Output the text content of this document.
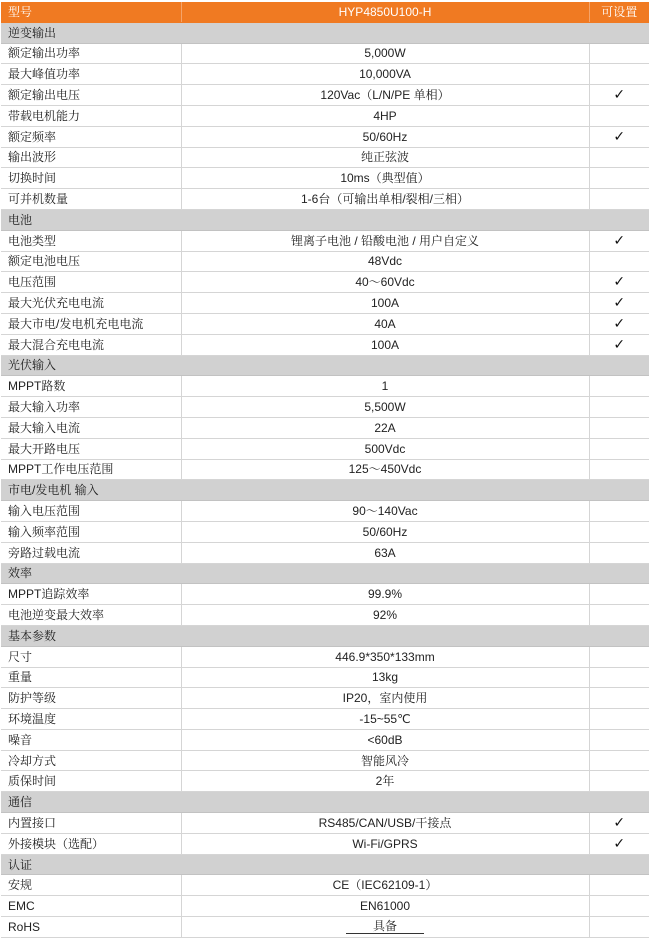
型号	HYP4850U100-H	可设置
逆变输出		
额定输出功率	5,000W	
最大峰值功率	10,000VA	
额定输出电压	120Vac（L/N/PE 单相）	✓
带载电机能力	4HP	
额定频率	50/60Hz	✓
输出波形	纯正弦波	
切换时间	10ms（典型值）	
可并机数量	1-6台（可输出单相/裂相/三相）	
电池		
电池类型	锂离子电池 / 铅酸电池 / 用户自定义	✓
额定电池电压	48Vdc	
电压范围	40～60Vdc	✓
最大光伏充电电流	100A	✓
最大市电/发电机充电电流	40A	✓
最大混合充电电流	100A	✓
光伏输入		
MPPT路数	1	
最大输入功率	5,500W	
最大输入电流	22A	
最大开路电压	500Vdc	
MPPT工作电压范围	125～450Vdc	
市电/发电机 输入		
输入电压范围	90～140Vac	
输入频率范围	50/60Hz	
旁路过载电流	63A	
效率		
MPPT追踪效率	99.9%	
电池逆变最大效率	92%	
基本参数		
尺寸	446.9*350*133mm	
重量	13kg	
防护等级	IP20，室内使用	
环境温度	-15~55℃	
噪音	<60dB	
冷却方式	智能风冷	
质保时间	2年	
通信		
内置接口	RS485/CAN/USB/干接点	✓
外接模块（选配）	Wi-Fi/GPRS	✓
认证		
安规	CE（IEC62109-1）	
EMC	EN61000	
RoHS	具备	
